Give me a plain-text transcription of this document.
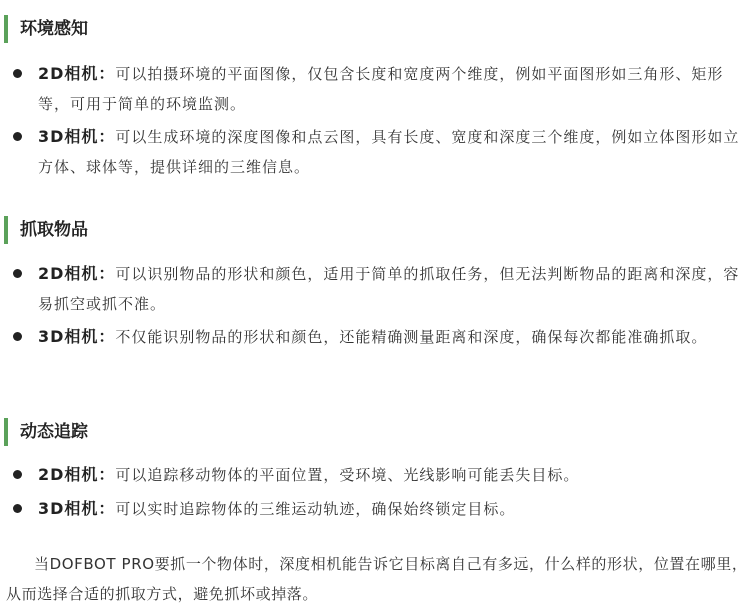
环境感知
2D相机：可以拍摄环境的平面图像，仅包含长度和宽度两个维度，例如平面图形如三角形、矩形等，可用于简单的环境监测。
3D相机：可以生成环境的深度图像和点云图，具有长度、宽度和深度三个维度，例如立体图形如立方体、球体等，提供详细的三维信息。
抓取物品
2D相机：可以识别物品的形状和颜色，适用于简单的抓取任务，但无法判断物品的距离和深度，容易抓空或抓不准。
3D相机：不仅能识别物品的形状和颜色，还能精确测量距离和深度，确保每次都能准确抓取。
动态追踪
2D相机：可以追踪移动物体的平面位置，受环境、光线影响可能丢失目标。
3D相机：可以实时追踪物体的三维运动轨迹，确保始终锁定目标。
当DOFBOT PRO要抓一个物体时，深度相机能告诉它目标离自己有多远，什么样的形状，位置在哪里，从而选择合适的抓取方式，避免抓坏或掉落。
